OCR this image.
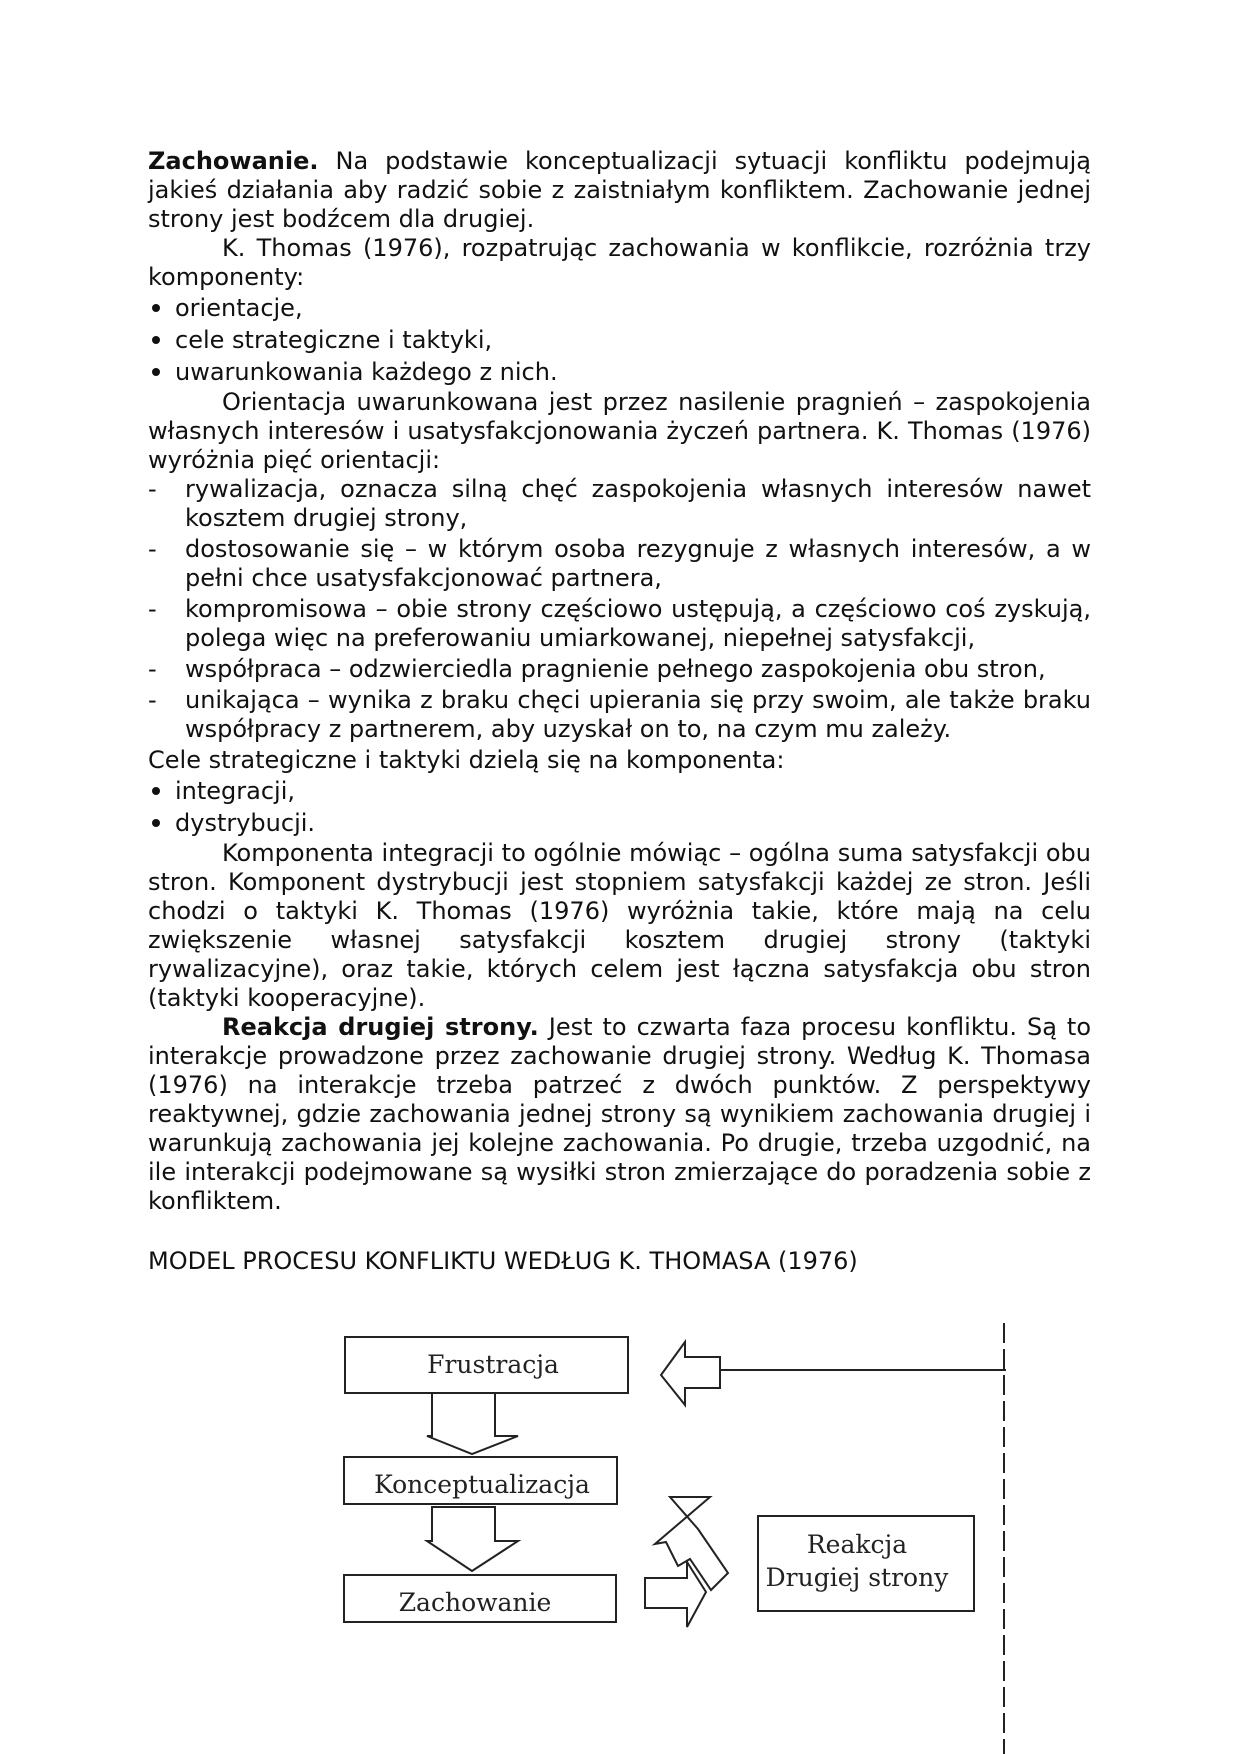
Zachowanie. Na podstawie konceptualizacji sytuacji konfliktu podejmują jakieś działania aby radzić sobie z zaistniałym konfliktem. Zachowanie jednej strony jest bodźcem dla drugiej.

K. Thomas (1976), rozpatrując zachowania w konflikcie, rozróżnia trzy komponenty:

orientacje,
cele strategiczne i taktyki,
uwarunkowania każdego z nich.

Orientacja uwarunkowana jest przez nasilenie pragnień – zaspokojenia własnych interesów i usatysfakcjonowania życzeń partnera. K. Thomas (1976) wyróżnia pięć orientacji:

- rywalizacja, oznacza silną chęć zaspokojenia własnych interesów nawet kosztem drugiej strony,
- dostosowanie się – w którym osoba rezygnuje z własnych interesów, a w pełni chce usatysfakcjonować partnera,
- kompromisowa – obie strony częściowo ustępują, a częściowo coś zyskują, polega więc na preferowaniu umiarkowanej, niepełnej satysfakcji,
- współpraca – odzwierciedla pragnienie pełnego zaspokojenia obu stron,
- unikająca – wynika z braku chęci upierania się przy swoim, ale także braku współpracy z partnerem, aby uzyskał on to, na czym mu zależy.

Cele strategiczne i taktyki dzielą się na komponenta:

integracji,
dystrybucji.

Komponenta integracji to ogólnie mówiąc – ogólna suma satysfakcji obu stron. Komponent dystrybucji jest stopniem satysfakcji każdej ze stron. Jeśli chodzi o taktyki K. Thomas (1976) wyróżnia takie, które mają na celu zwiększenie własnej satysfakcji kosztem drugiej strony (taktyki rywalizacyjne), oraz takie, których celem jest łączna satysfakcja obu stron (taktyki kooperacyjne).

Reakcja drugiej strony. Jest to czwarta faza procesu konfliktu. Są to interakcje prowadzone przez zachowanie drugiej strony. Według K. Thomasa (1976) na interakcje trzeba patrzeć z dwóch punktów. Z perspektywy reaktywnej, gdzie zachowania jednej strony są wynikiem zachowania drugiej i warunkują zachowania jej kolejne zachowania. Po drugie, trzeba uzgodnić, na ile interakcji podejmowane są wysiłki stron zmierzające do poradzenia sobie z konfliktem.

MODEL PROCESU KONFLIKTU WEDŁUG K. THOMASA (1976)

Frustracja
Konceptualizacja
Zachowanie
Reakcja
Drugiej strony
